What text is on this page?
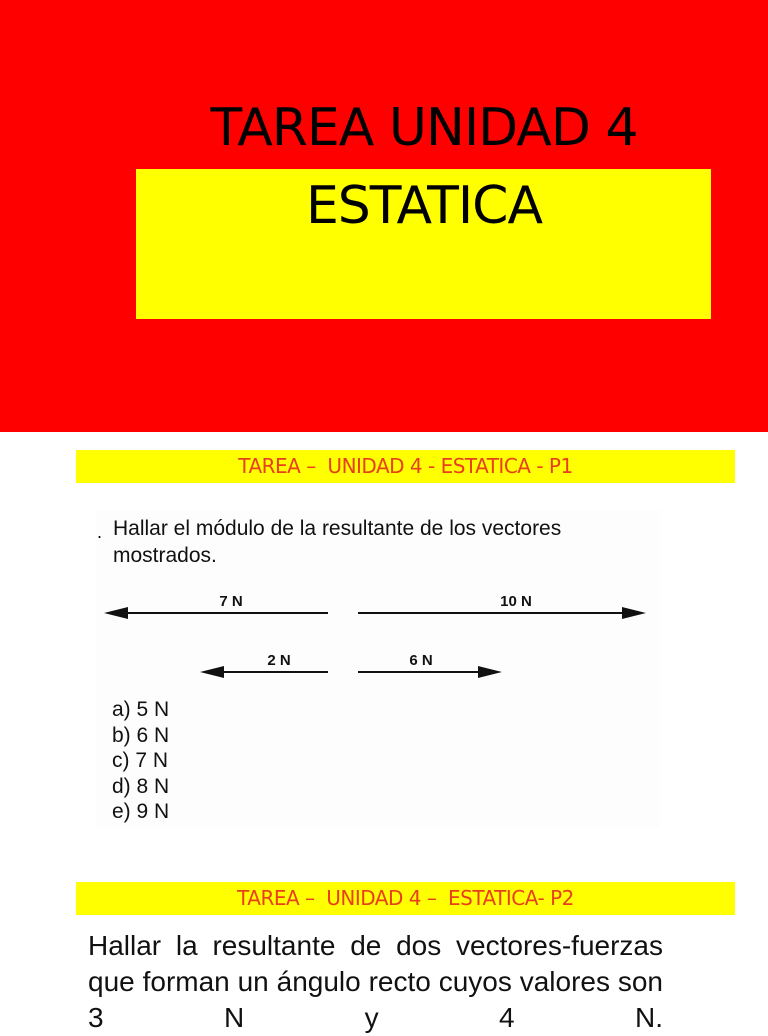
TAREA UNIDAD 4
ESTATICA
TAREA –  UNIDAD 4 - ESTATICA - P1
. Hallar el módulo de la resultante de los vectores mostrados.

7 N	10 N
2 N	6 N
a) 5 N
b) 6 N
c) 7 N
d) 8 N
e) 9 N
TAREA –  UNIDAD 4 –  ESTATICA- P2

Hallar la resultante de dos vectores-fuerzas que forman un ángulo recto cuyos valores son 3 N y 4 N.
